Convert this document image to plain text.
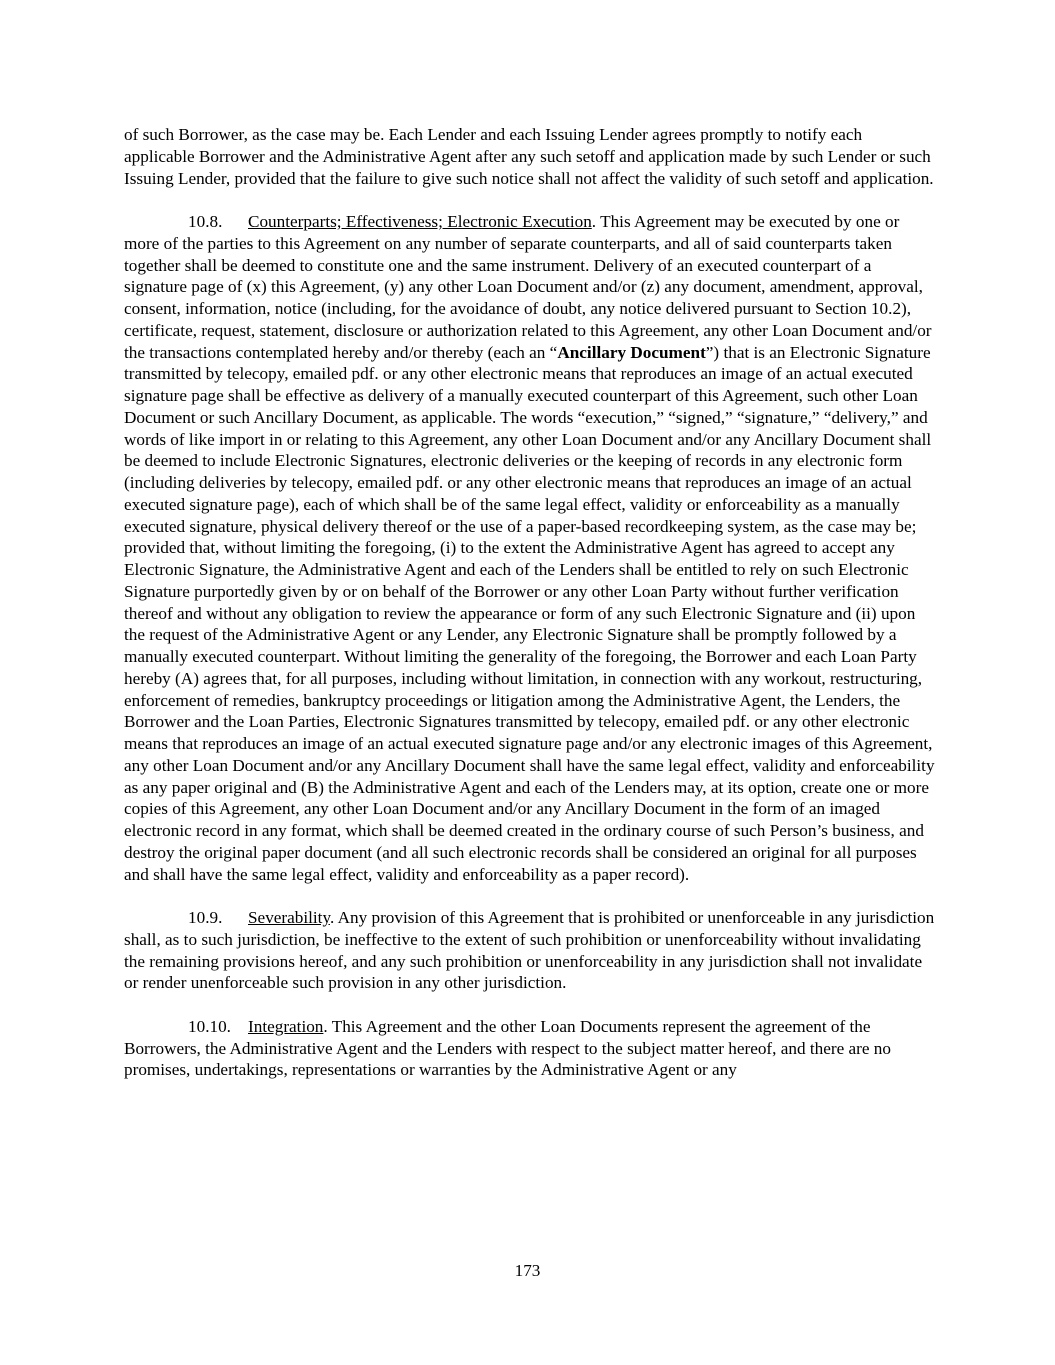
of such Borrower, as the case may be. Each Lender and each Issuing Lender agrees promptly to notify each applicable Borrower and the Administrative Agent after any such setoff and application made by such Lender or such Issuing Lender, provided that the failure to give such notice shall not affect the validity of such setoff and application.

10.8. Counterparts; Effectiveness; Electronic Execution. This Agreement may be executed by one or more of the parties to this Agreement on any number of separate counterparts, and all of said counterparts taken together shall be deemed to constitute one and the same instrument. Delivery of an executed counterpart of a signature page of (x) this Agreement, (y) any other Loan Document and/or (z) any document, amendment, approval, consent, information, notice (including, for the avoidance of doubt, any notice delivered pursuant to Section 10.2), certificate, request, statement, disclosure or authorization related to this Agreement, any other Loan Document and/or the transactions contemplated hereby and/or thereby (each an “Ancillary Document”) that is an Electronic Signature transmitted by telecopy, emailed pdf. or any other electronic means that reproduces an image of an actual executed signature page shall be effective as delivery of a manually executed counterpart of this Agreement, such other Loan Document or such Ancillary Document, as applicable. The words “execution,” “signed,” “signature,” “delivery,” and words of like import in or relating to this Agreement, any other Loan Document and/or any Ancillary Document shall be deemed to include Electronic Signatures, electronic deliveries or the keeping of records in any electronic form (including deliveries by telecopy, emailed pdf. or any other electronic means that reproduces an image of an actual executed signature page), each of which shall be of the same legal effect, validity or enforceability as a manually executed signature, physical delivery thereof or the use of a paper-based recordkeeping system, as the case may be; provided that, without limiting the foregoing, (i) to the extent the Administrative Agent has agreed to accept any Electronic Signature, the Administrative Agent and each of the Lenders shall be entitled to rely on such Electronic Signature purportedly given by or on behalf of the Borrower or any other Loan Party without further verification thereof and without any obligation to review the appearance or form of any such Electronic Signature and (ii) upon the request of the Administrative Agent or any Lender, any Electronic Signature shall be promptly followed by a manually executed counterpart. Without limiting the generality of the foregoing, the Borrower and each Loan Party hereby (A) agrees that, for all purposes, including without limitation, in connection with any workout, restructuring, enforcement of remedies, bankruptcy proceedings or litigation among the Administrative Agent, the Lenders, the Borrower and the Loan Parties, Electronic Signatures transmitted by telecopy, emailed pdf. or any other electronic means that reproduces an image of an actual executed signature page and/or any electronic images of this Agreement, any other Loan Document and/or any Ancillary Document shall have the same legal effect, validity and enforceability as any paper original and (B) the Administrative Agent and each of the Lenders may, at its option, create one or more copies of this Agreement, any other Loan Document and/or any Ancillary Document in the form of an imaged electronic record in any format, which shall be deemed created in the ordinary course of such Person’s business, and destroy the original paper document (and all such electronic records shall be considered an original for all purposes and shall have the same legal effect, validity and enforceability as a paper record).

10.9. Severability. Any provision of this Agreement that is prohibited or unenforceable in any jurisdiction shall, as to such jurisdiction, be ineffective to the extent of such prohibition or unenforceability without invalidating the remaining provisions hereof, and any such prohibition or unenforceability in any jurisdiction shall not invalidate or render unenforceable such provision in any other jurisdiction.

10.10. Integration. This Agreement and the other Loan Documents represent the agreement of the Borrowers, the Administrative Agent and the Lenders with respect to the subject matter hereof, and there are no promises, undertakings, representations or warranties by the Administrative Agent or any

173
